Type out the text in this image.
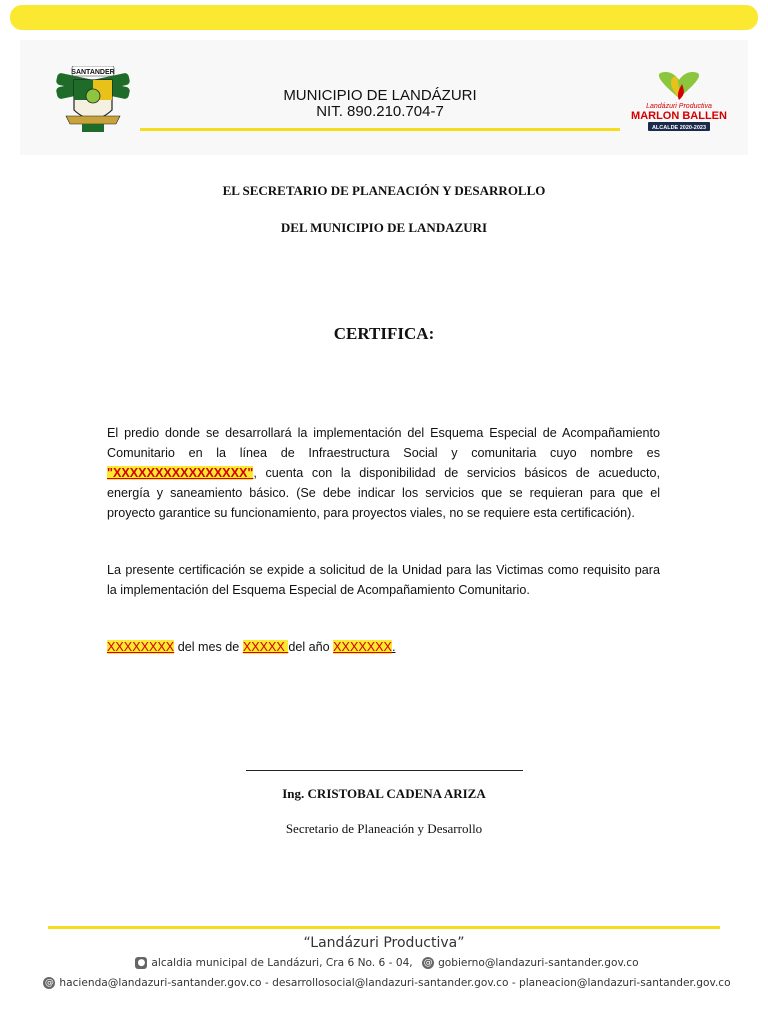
SANTANDER
MUNICIPIO DE LANDÁZURI
NIT. 890.210.704-7	Landázuri Productiva
MARLON BALLEN
ALCALDE 2020-2023
EL SECRETARIO DE PLANEACIÓN Y DESARROLLO
DEL MUNICIPIO DE LANDAZURI
CERTIFICA:
El predio donde se desarrollará la implementación del Esquema Especial de Acompañamiento Comunitario en la línea de Infraestructura Social y comunitaria cuyo nombre es "XXXXXXXXXXXXXXXX", cuenta con la disponibilidad de servicios básicos de acueducto, energía y saneamiento básico. (Se debe indicar los servicios que se requieran para que el proyecto garantice su funcionamiento, para proyectos viales, no se requiere esta certificación).
La presente certificación se expide a solicitud de la Unidad para las Victimas como requisito para la implementación del Esquema Especial de Acompañamiento Comunitario.
XXXXXXXX del mes de XXXXX del año XXXXXXX.
Ing. CRISTOBAL CADENA ARIZA
Secretario de Planeación y Desarrollo
“Landázuri Productiva”
● alcaldia municipal de Landázuri, Cra 6 No. 6 - 04, @ gobierno@landazuri-santander.gov.co
@ hacienda@landazuri-santander.gov.co - desarrollosocial@landazuri-santander.gov.co - planeacion@landazuri-santander.gov.co
